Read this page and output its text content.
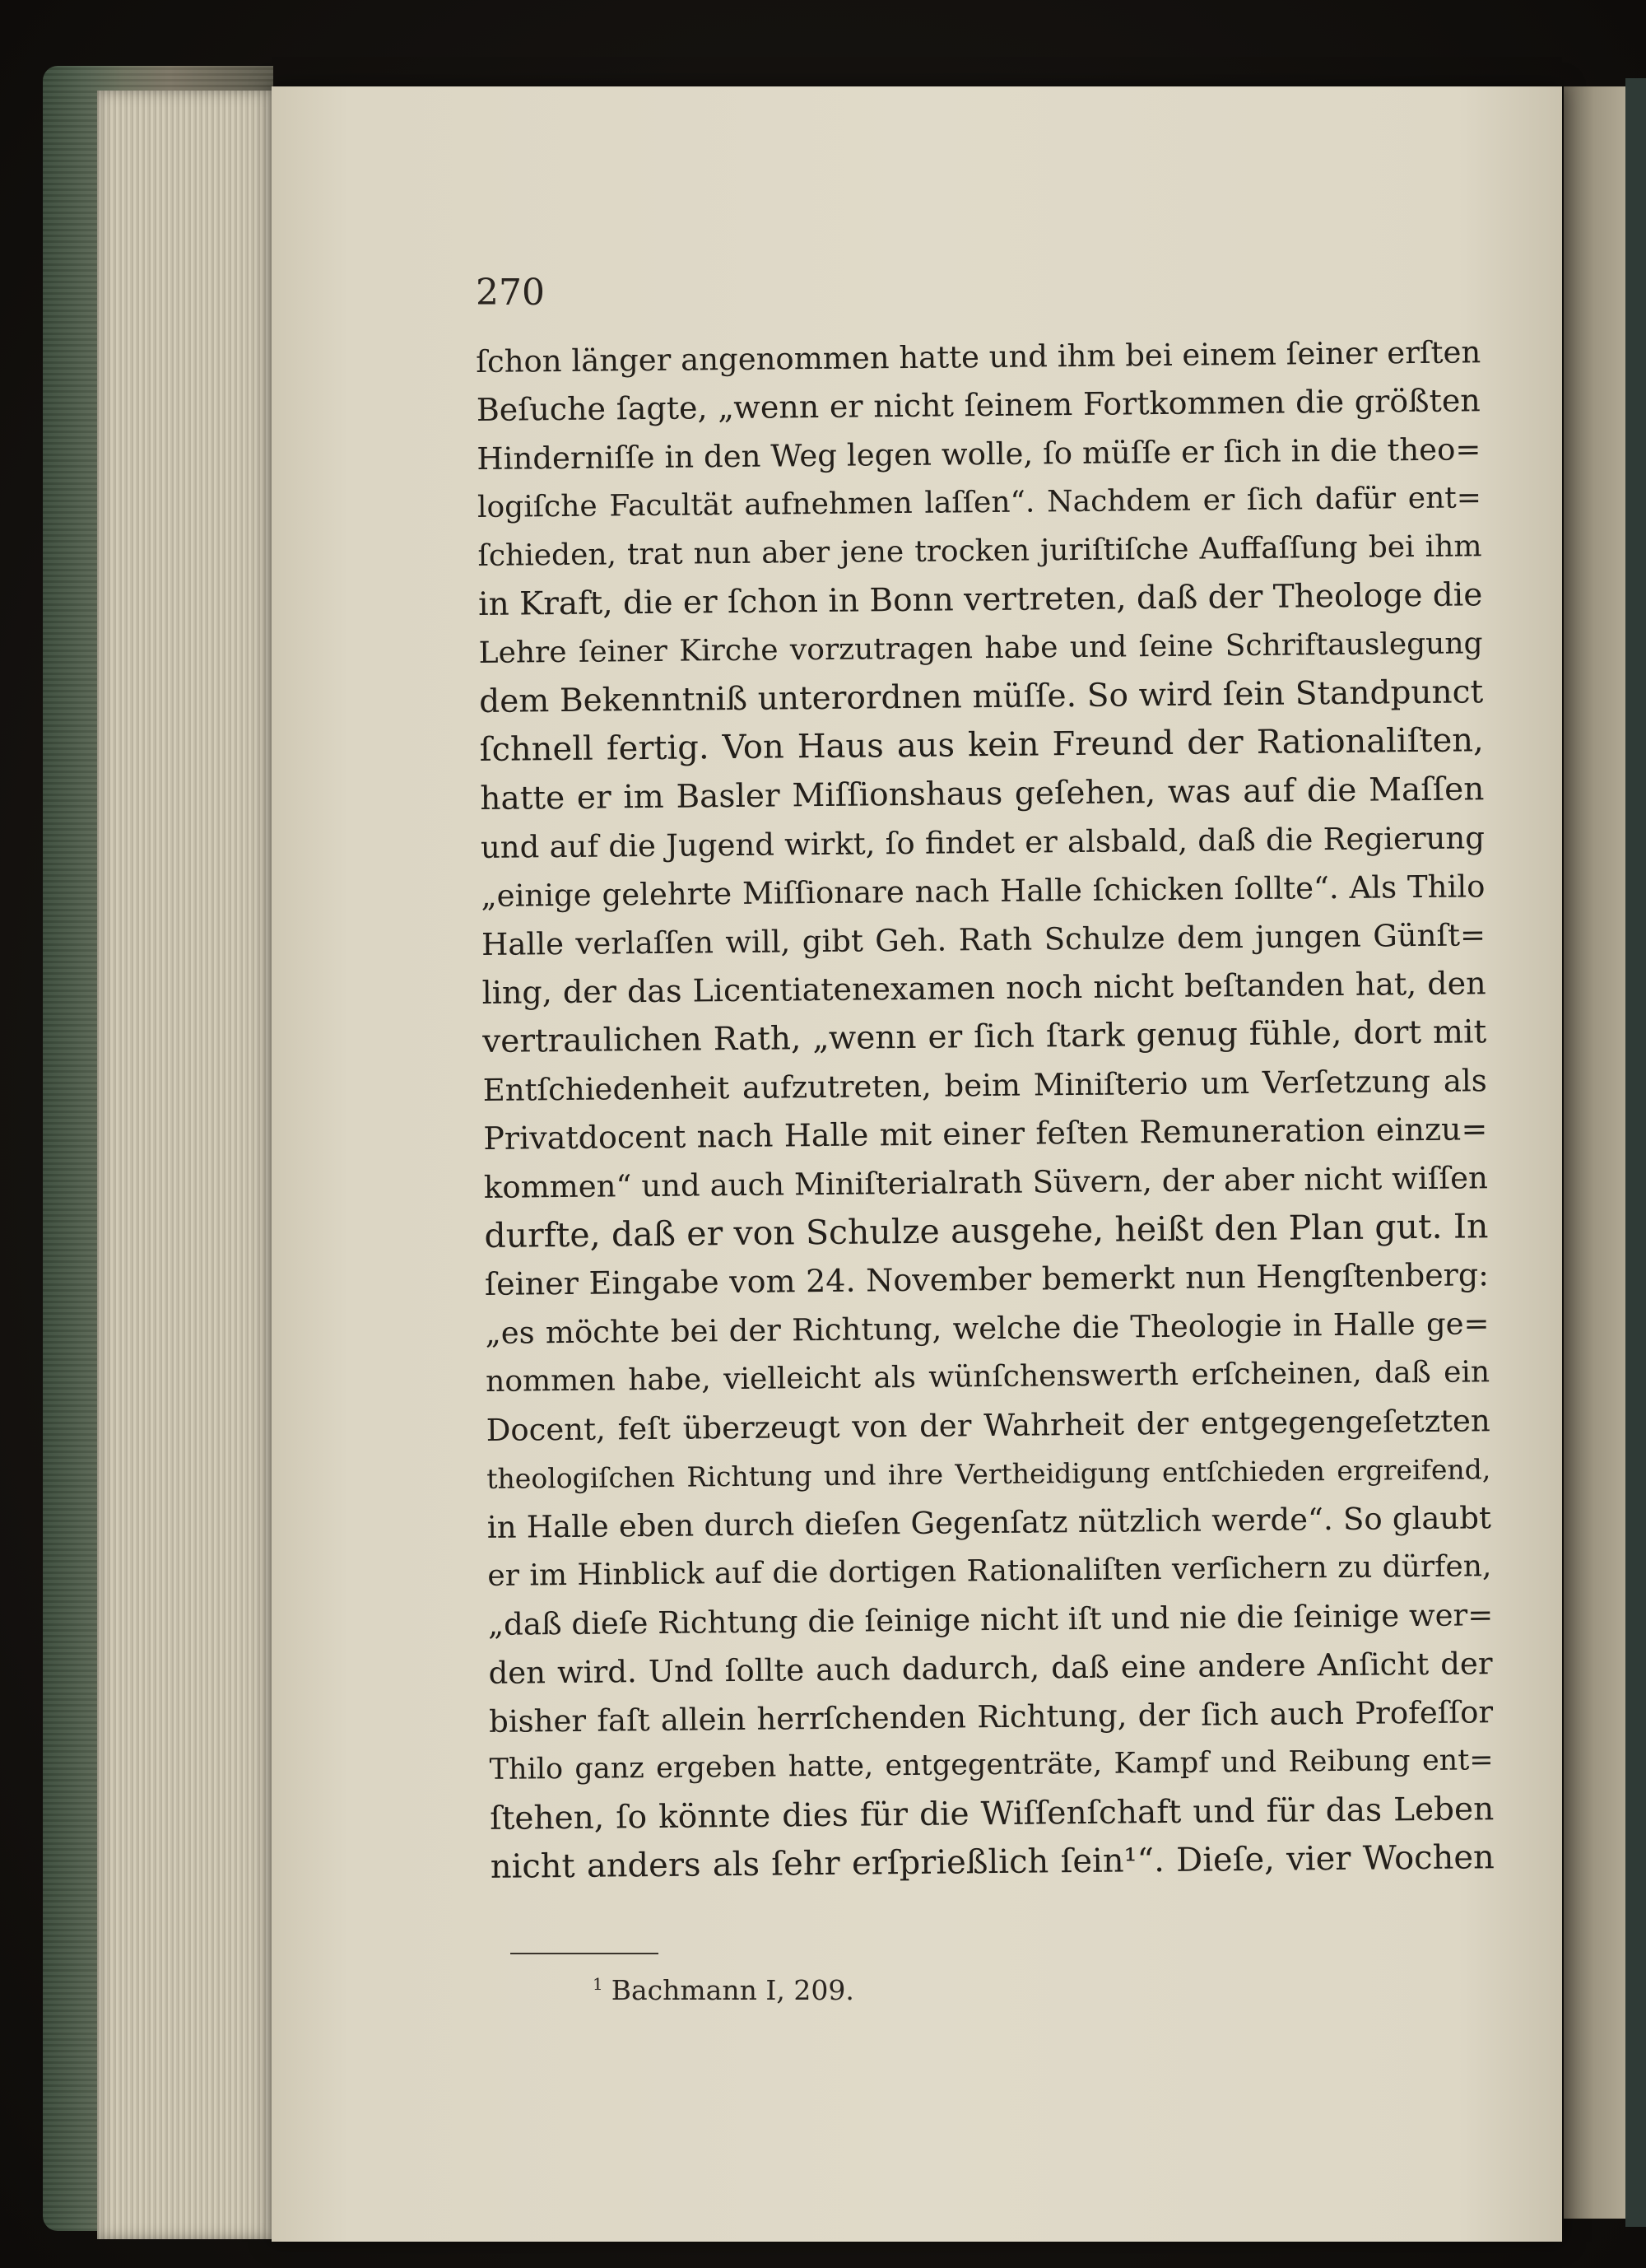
270
ſchon länger angenommen hatte und ihm bei einem ſeiner erſten
Beſuche ſagte, „wenn er nicht ſeinem Fortkommen die größten
Hinderniſſe in den Weg legen wolle, ſo müſſe er ſich in die theo=
logiſche Facultät aufnehmen laſſen“. Nachdem er ſich dafür ent=
ſchieden, trat nun aber jene trocken juriſtiſche Auffaſſung bei ihm
in Kraft, die er ſchon in Bonn vertreten, daß der Theologe die
Lehre ſeiner Kirche vorzutragen habe und ſeine Schriftauslegung
dem Bekenntniß unterordnen müſſe. So wird ſein Standpunct
ſchnell fertig. Von Haus aus kein Freund der Rationaliſten,
hatte er im Basler Miſſionshaus geſehen, was auf die Maſſen
und auf die Jugend wirkt, ſo findet er alsbald, daß die Regierung
„einige gelehrte Miſſionare nach Halle ſchicken ſollte“. Als Thilo
Halle verlaſſen will, gibt Geh. Rath Schulze dem jungen Günſt=
ling, der das Licentiatenexamen noch nicht beſtanden hat, den
vertraulichen Rath, „wenn er ſich ſtark genug fühle, dort mit
Entſchiedenheit aufzutreten, beim Miniſterio um Verſetzung als
Privatdocent nach Halle mit einer feſten Remuneration einzu=
kommen“ und auch Miniſterialrath Süvern, der aber nicht wiſſen
durfte, daß er von Schulze ausgehe, heißt den Plan gut. In
ſeiner Eingabe vom 24. November bemerkt nun Hengſtenberg:
„es möchte bei der Richtung, welche die Theologie in Halle ge=
nommen habe, vielleicht als wünſchenswerth erſcheinen, daß ein
Docent, feſt überzeugt von der Wahrheit der entgegengeſetzten
theologiſchen Richtung und ihre Vertheidigung entſchieden ergreifend,
in Halle eben durch dieſen Gegenſatz nützlich werde“. So glaubt
er im Hinblick auf die dortigen Rationaliſten verſichern zu dürfen,
„daß dieſe Richtung die ſeinige nicht iſt und nie die ſeinige wer=
den wird. Und ſollte auch dadurch, daß eine andere Anſicht der
bisher faſt allein herrſchenden Richtung, der ſich auch Profeſſor
Thilo ganz ergeben hatte, entgegenträte, Kampf und Reibung ent=
ſtehen, ſo könnte dies für die Wiſſenſchaft und für das Leben
nicht anders als ſehr erſprießlich ſein¹“. Dieſe, vier Wochen
$^1$ Bachmann I, 209.
